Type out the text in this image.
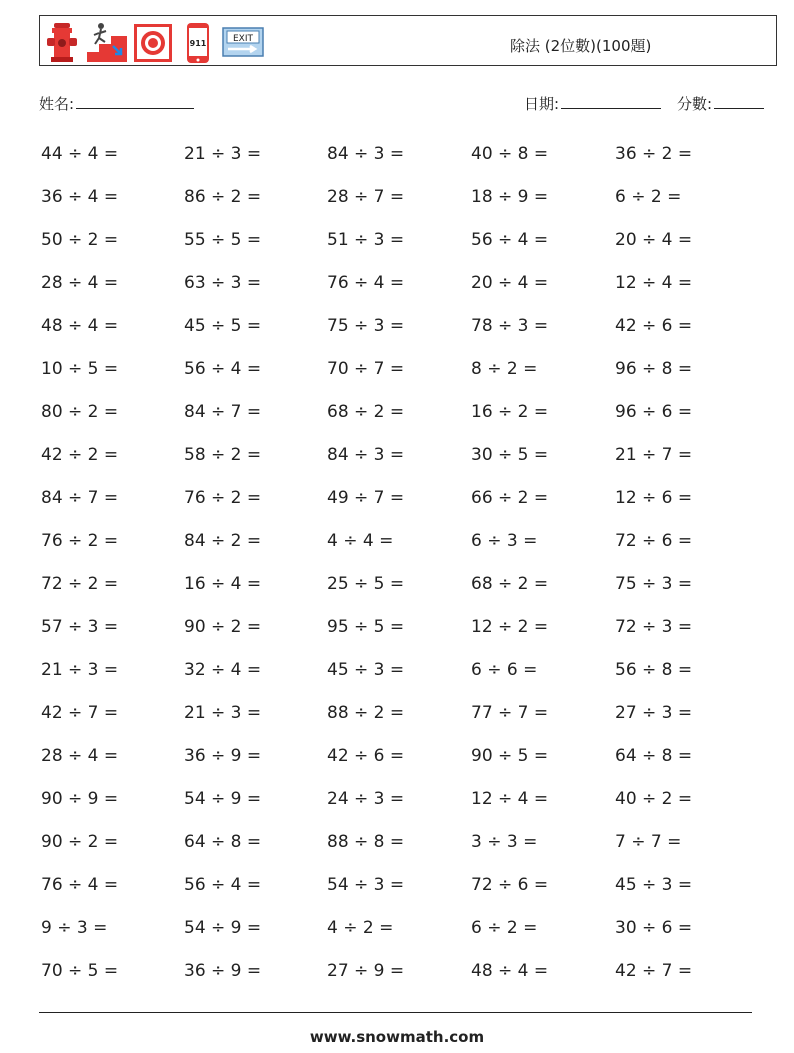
911	EXIT	除法 (2位數)(100題)
姓名:	日期:	分數:
44 ÷ 4 =	21 ÷ 3 =	84 ÷ 3 =	40 ÷ 8 =	36 ÷ 2 =
36 ÷ 4 =	86 ÷ 2 =	28 ÷ 7 =	18 ÷ 9 =	6 ÷ 2 =
50 ÷ 2 =	55 ÷ 5 =	51 ÷ 3 =	56 ÷ 4 =	20 ÷ 4 =
28 ÷ 4 =	63 ÷ 3 =	76 ÷ 4 =	20 ÷ 4 =	12 ÷ 4 =
48 ÷ 4 =	45 ÷ 5 =	75 ÷ 3 =	78 ÷ 3 =	42 ÷ 6 =
10 ÷ 5 =	56 ÷ 4 =	70 ÷ 7 =	8 ÷ 2 =	96 ÷ 8 =
80 ÷ 2 =	84 ÷ 7 =	68 ÷ 2 =	16 ÷ 2 =	96 ÷ 6 =
42 ÷ 2 =	58 ÷ 2 =	84 ÷ 3 =	30 ÷ 5 =	21 ÷ 7 =
84 ÷ 7 =	76 ÷ 2 =	49 ÷ 7 =	66 ÷ 2 =	12 ÷ 6 =
76 ÷ 2 =	84 ÷ 2 =	4 ÷ 4 =	6 ÷ 3 =	72 ÷ 6 =
72 ÷ 2 =	16 ÷ 4 =	25 ÷ 5 =	68 ÷ 2 =	75 ÷ 3 =
57 ÷ 3 =	90 ÷ 2 =	95 ÷ 5 =	12 ÷ 2 =	72 ÷ 3 =
21 ÷ 3 =	32 ÷ 4 =	45 ÷ 3 =	6 ÷ 6 =	56 ÷ 8 =
42 ÷ 7 =	21 ÷ 3 =	88 ÷ 2 =	77 ÷ 7 =	27 ÷ 3 =
28 ÷ 4 =	36 ÷ 9 =	42 ÷ 6 =	90 ÷ 5 =	64 ÷ 8 =
90 ÷ 9 =	54 ÷ 9 =	24 ÷ 3 =	12 ÷ 4 =	40 ÷ 2 =
90 ÷ 2 =	64 ÷ 8 =	88 ÷ 8 =	3 ÷ 3 =	7 ÷ 7 =
76 ÷ 4 =	56 ÷ 4 =	54 ÷ 3 =	72 ÷ 6 =	45 ÷ 3 =
9 ÷ 3 =	54 ÷ 9 =	4 ÷ 2 =	6 ÷ 2 =	30 ÷ 6 =
70 ÷ 5 =	36 ÷ 9 =	27 ÷ 9 =	48 ÷ 4 =	42 ÷ 7 =
www.snowmath.com
